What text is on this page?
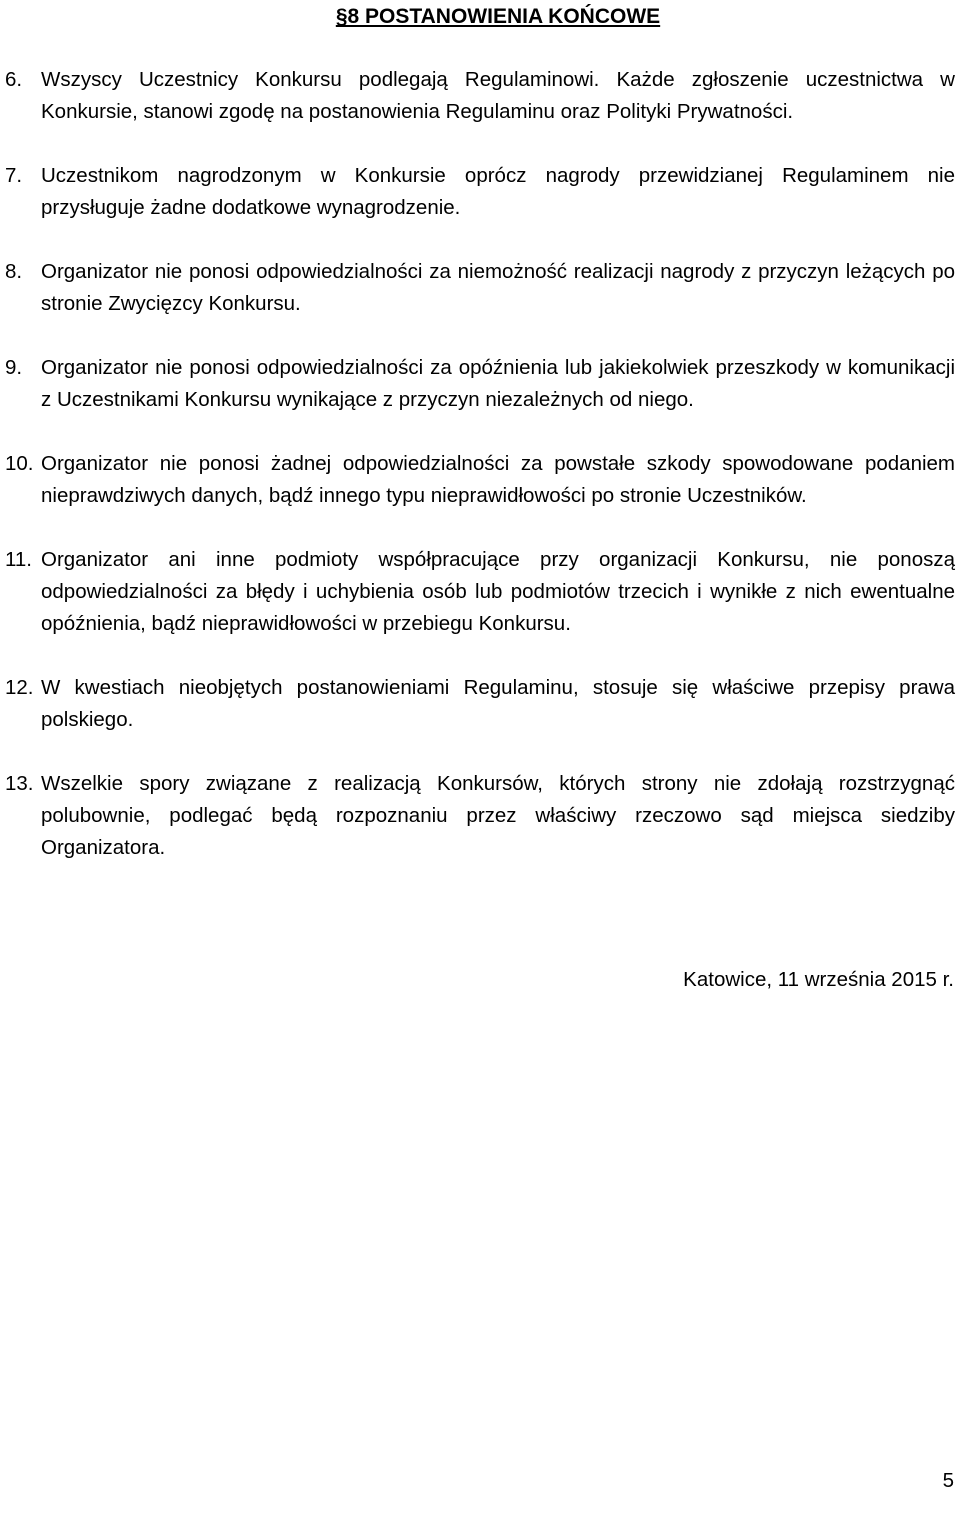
§8 POSTANOWIENIA KOŃCOWE
6. Wszyscy Uczestnicy Konkursu podlegają Regulaminowi. Każde zgłoszenie uczestnictwa w Konkursie, stanowi zgodę na postanowienia Regulaminu oraz Polityki Prywatności.
7. Uczestnikom nagrodzonym w Konkursie oprócz nagrody przewidzianej Regulaminem nie przysługuje żadne dodatkowe wynagrodzenie.
8. Organizator nie ponosi odpowiedzialności za niemożność realizacji nagrody z przyczyn leżących po stronie Zwycięzcy Konkursu.
9. Organizator nie ponosi odpowiedzialności za opóźnienia lub jakiekolwiek przeszkody w komunikacji z Uczestnikami Konkursu wynikające z przyczyn niezależnych od niego.
10. Organizator nie ponosi żadnej odpowiedzialności za powstałe szkody spowodowane podaniem nieprawdziwych danych, bądź innego typu nieprawidłowości po stronie Uczestników.
11. Organizator ani inne podmioty współpracujące przy organizacji Konkursu, nie ponoszą odpowiedzialności za błędy i uchybienia osób lub podmiotów trzecich i wynikłe z nich ewentualne opóźnienia, bądź nieprawidłowości w przebiegu Konkursu.
12. W kwestiach nieobjętych postanowieniami Regulaminu, stosuje się właściwe przepisy prawa polskiego.
13. Wszelkie spory związane z realizacją Konkursów, których strony nie zdołają rozstrzygnąć polubownie, podlegać będą rozpoznaniu przez właściwy rzeczowo sąd miejsca siedziby Organizatora.
Katowice, 11 września 2015 r.
5
